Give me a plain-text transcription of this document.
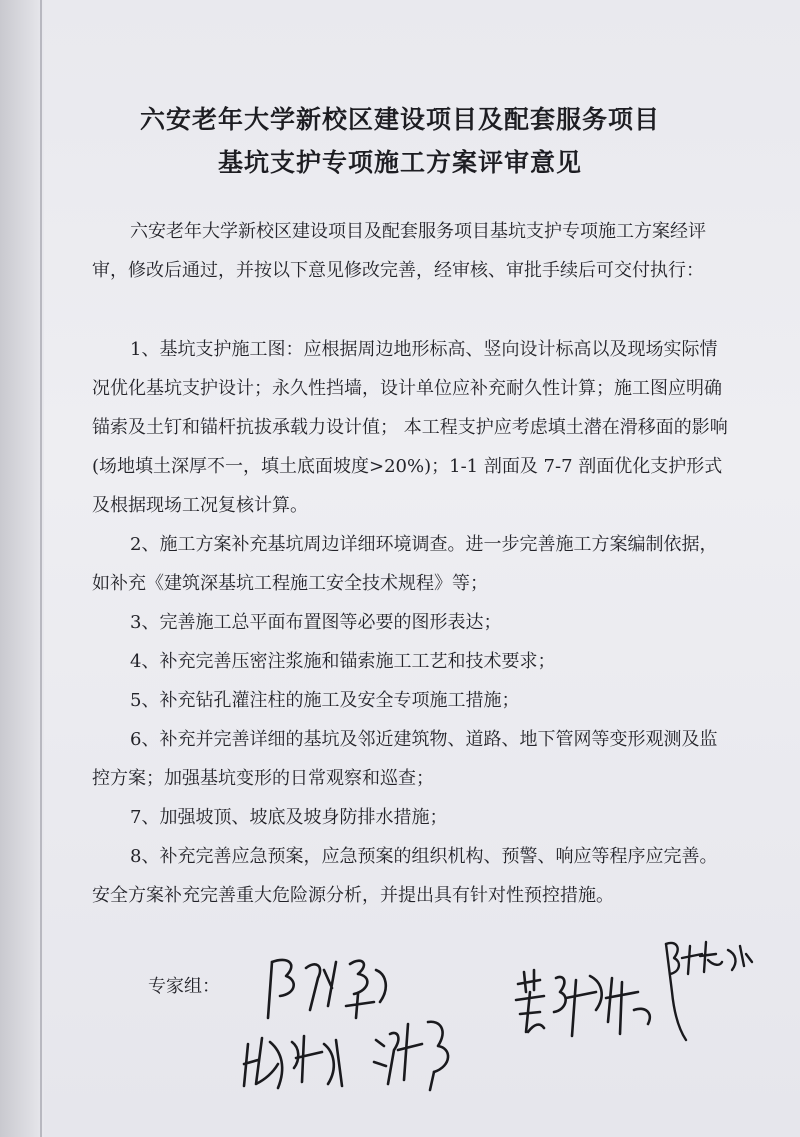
六安老年大学新校区建设项目及配套服务项目
基坑支护专项施工方案评审意见

六安老年大学新校区建设项目及配套服务项目基坑支护专项施工方案经评审，修改后通过，并按以下意见修改完善，经审核、审批手续后可交付执行：

1、基坑支护施工图：应根据周边地形标高、竖向设计标高以及现场实际情况优化基坑支护设计；永久性挡墙，设计单位应补充耐久性计算；施工图应明确锚索及土钉和锚杆抗拔承载力设计值； 本工程支护应考虑填土潜在滑移面的影响(场地填土深厚不一，填土底面坡度>20%)；1-1 剖面及 7-7 剖面优化支护形式及根据现场工况复核计算。

2、施工方案补充基坑周边详细环境调查。进一步完善施工方案编制依据，如补充《建筑深基坑工程施工安全技术规程》等；

3、完善施工总平面布置图等必要的图形表达；

4、补充完善压密注浆施和锚索施工工艺和技术要求；

5、补充钻孔灌注柱的施工及安全专项施工措施；

6、补充并完善详细的基坑及邻近建筑物、道路、地下管网等变形观测及监控方案；加强基坑变形的日常观察和巡查；

7、加强坡顶、坡底及坡身防排水措施；

8、补充完善应急预案，应急预案的组织机构、预警、响应等程序应完善。安全方案补充完善重大危险源分析，并提出具有针对性预控措施。

专家组：
